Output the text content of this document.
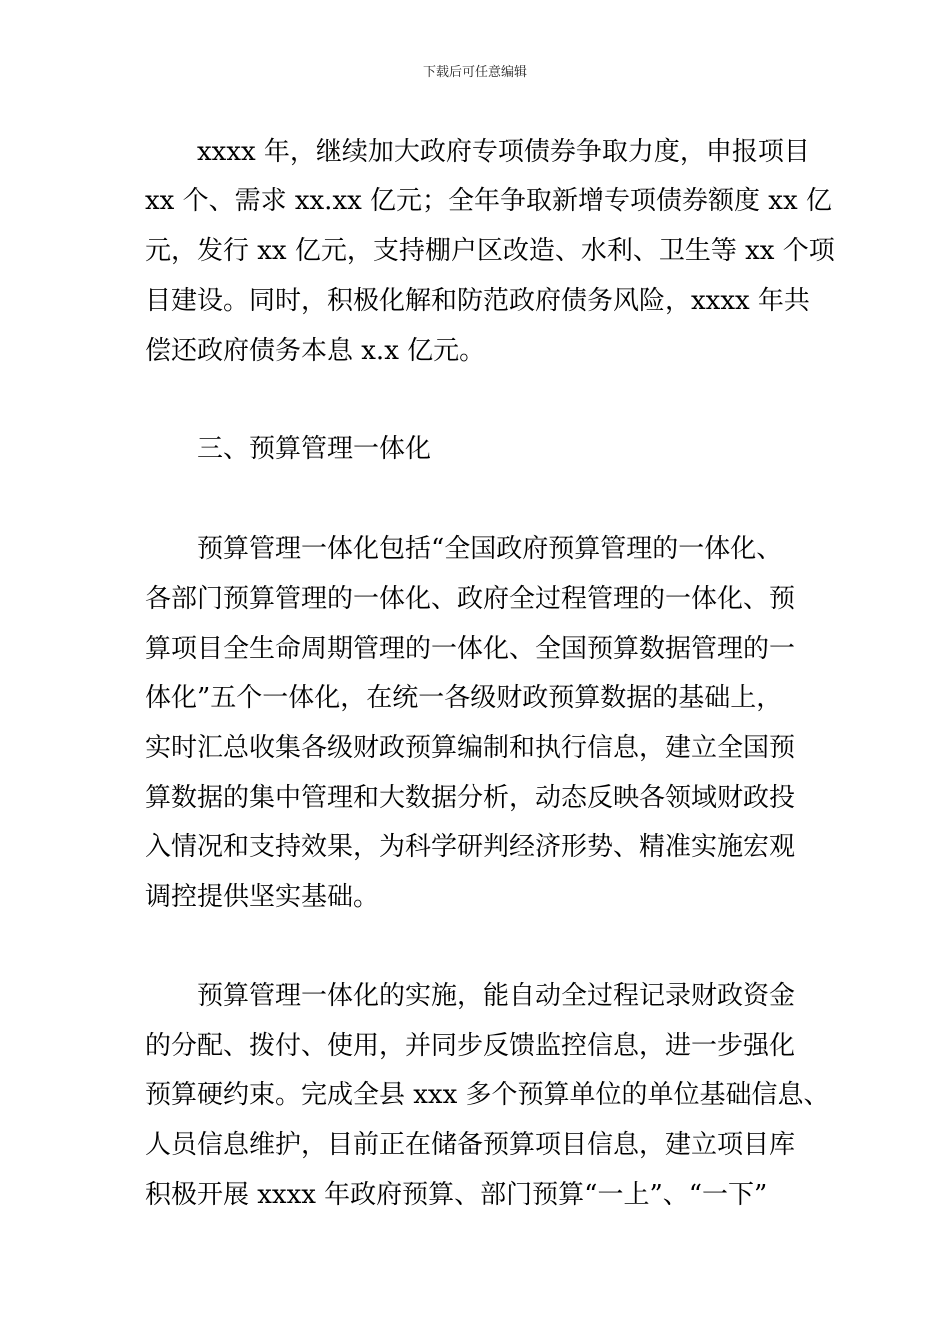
下载后可任意编辑
xxxx 年，继续加大政府专项债券争取力度，申报项目
xx 个、需求 xx.xx 亿元；全年争取新增专项债券额度 xx 亿
元，发行 xx 亿元，支持棚户区改造、水利、卫生等 xx 个项
目建设。同时，积极化解和防范政府债务风险，xxxx 年共
偿还政府债务本息 x.x 亿元。
三、预算管理一体化
预算管理一体化包括“全国政府预算管理的一体化、
各部门预算管理的一体化、政府全过程管理的一体化、预
算项目全生命周期管理的一体化、全国预算数据管理的一
体化”五个一体化，在统一各级财政预算数据的基础上，
实时汇总收集各级财政预算编制和执行信息，建立全国预
算数据的集中管理和大数据分析，动态反映各领域财政投
入情况和支持效果，为科学研判经济形势、精准实施宏观
调控提供坚实基础。
预算管理一体化的实施，能自动全过程记录财政资金
的分配、拨付、使用，并同步反馈监控信息，进一步强化
预算硬约束。完成全县 xxx 多个预算单位的单位基础信息、
人员信息维护，目前正在储备预算项目信息，建立项目库
积极开展 xxxx 年政府预算、部门预算“一上”、“一下”
